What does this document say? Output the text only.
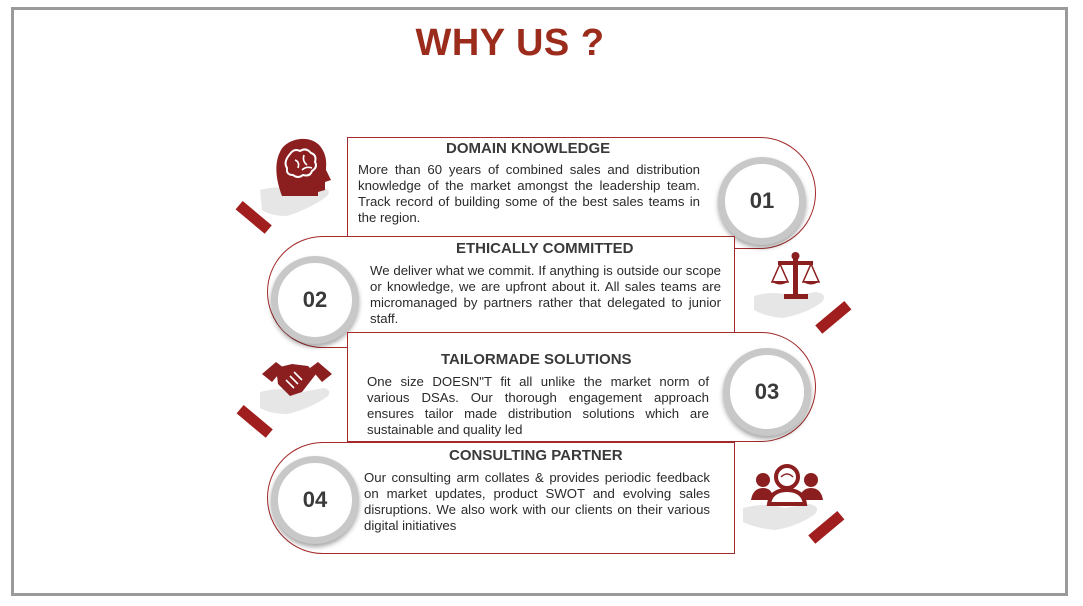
WHY US ?
DOMAIN KNOWLEDGE
More than 60 years of combined sales and distribution knowledge of the market amongst the leadership team. Track record of building some of the best sales teams in the region.
01
ETHICALLY COMMITTED
We deliver what we commit. If anything is outside our scope or knowledge, we are upfront about it. All sales teams are micromanaged by partners rather that delegated to junior staff.
02
TAILORMADE SOLUTIONS
One size DOESN"T fit all unlike the market norm of various DSAs. Our thorough engagement approach ensures tailor made distribution solutions which are sustainable and quality led
03
CONSULTING PARTNER
Our consulting arm collates & provides periodic feedback on market updates, product SWOT and evolving sales disruptions. We also work with our clients on their various digital initiatives
04
